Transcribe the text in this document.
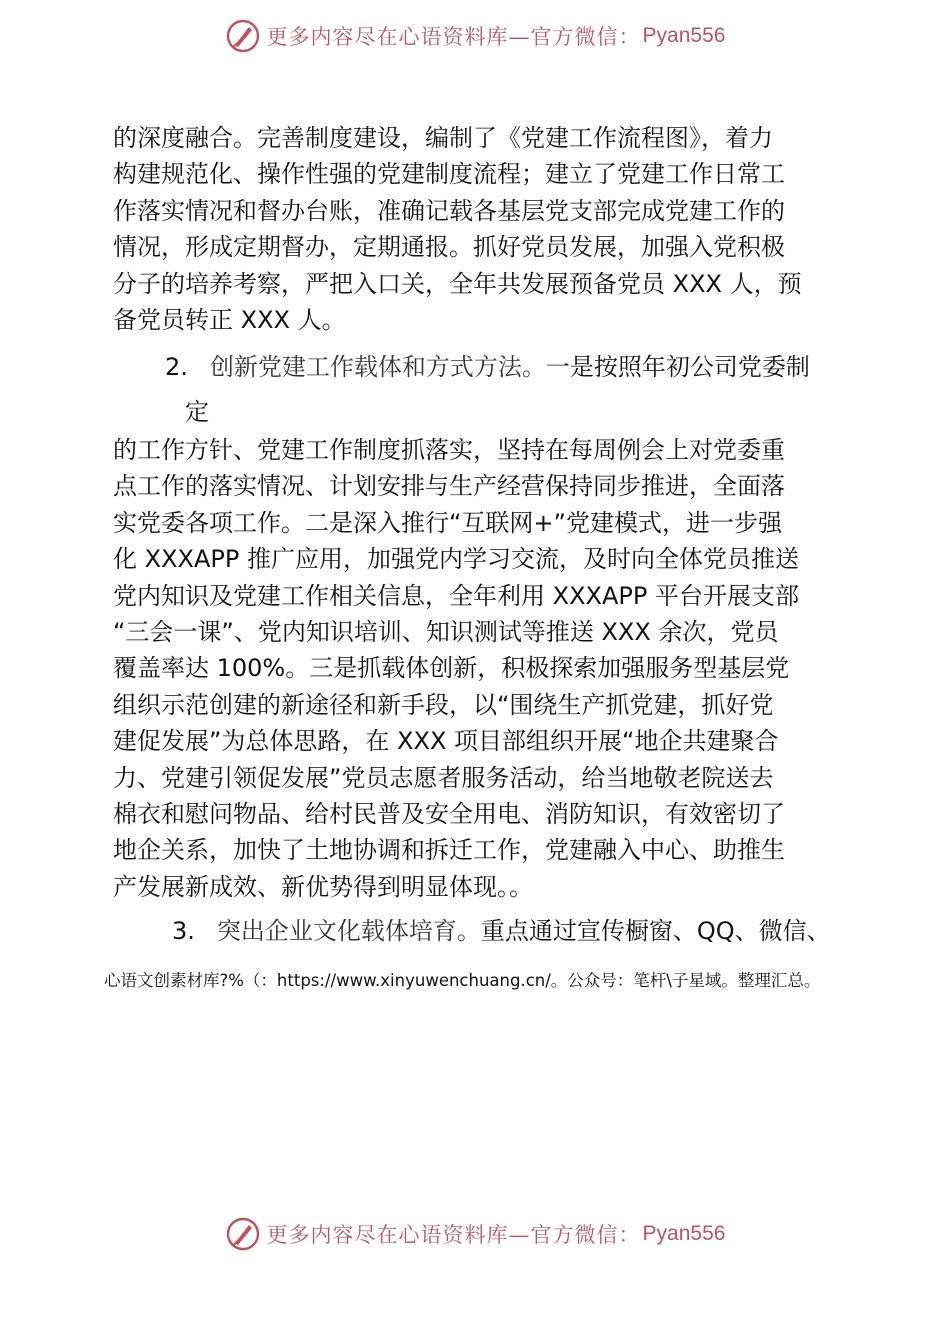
更多内容尽在心语资料库—官方微信： Pyan556
的深度融合。完善制度建设，编制了《党建工作流程图》，着力
构建规范化、操作性强的党建制度流程；建立了党建工作日常工
作落实情况和督办台账，准确记载各基层党支部完成党建工作的
情况，形成定期督办，定期通报。抓好党员发展，加强入党积极
分子的培养考察，严把入口关，全年共发展预备党员 XXX 人，预
备党员转正 XXX 人。
2. 创新党建工作载体和方式方法。一是按照年初公司党委制
定
的工作方针、党建工作制度抓落实，坚持在每周例会上对党委重
点工作的落实情况、计划安排与生产经营保持同步推进，全面落
实党委各项工作。二是深入推行“互联网+”党建模式，进一步强
化 XXXAPP 推广应用，加强党内学习交流，及时向全体党员推送
党内知识及党建工作相关信息，全年利用 XXXAPP 平台开展支部
“三会一课”、党内知识培训、知识测试等推送 XXX 余次，党员
覆盖率达 100%。三是抓载体创新，积极探索加强服务型基层党
组织示范创建的新途径和新手段，以“围绕生产抓党建，抓好党
建促发展”为总体思路，在 XXX 项目部组织开展“地企共建聚合
力、党建引领促发展”党员志愿者服务活动，给当地敬老院送去
棉衣和慰问物品、给村民普及安全用电、消防知识，有效密切了
地企关系，加快了土地协调和拆迁工作，党建融入中心、助推生
产发展新成效、新优势得到明显体现。。
3. 突出企业文化载体培育。重点通过宣传橱窗、QQ、微信、

心语文创素材库?%（：https://www.xinyuwenchuang.cn/。公众号：笔杆\子星域。整理汇总。

更多内容尽在心语资料库—官方微信： Pyan556
